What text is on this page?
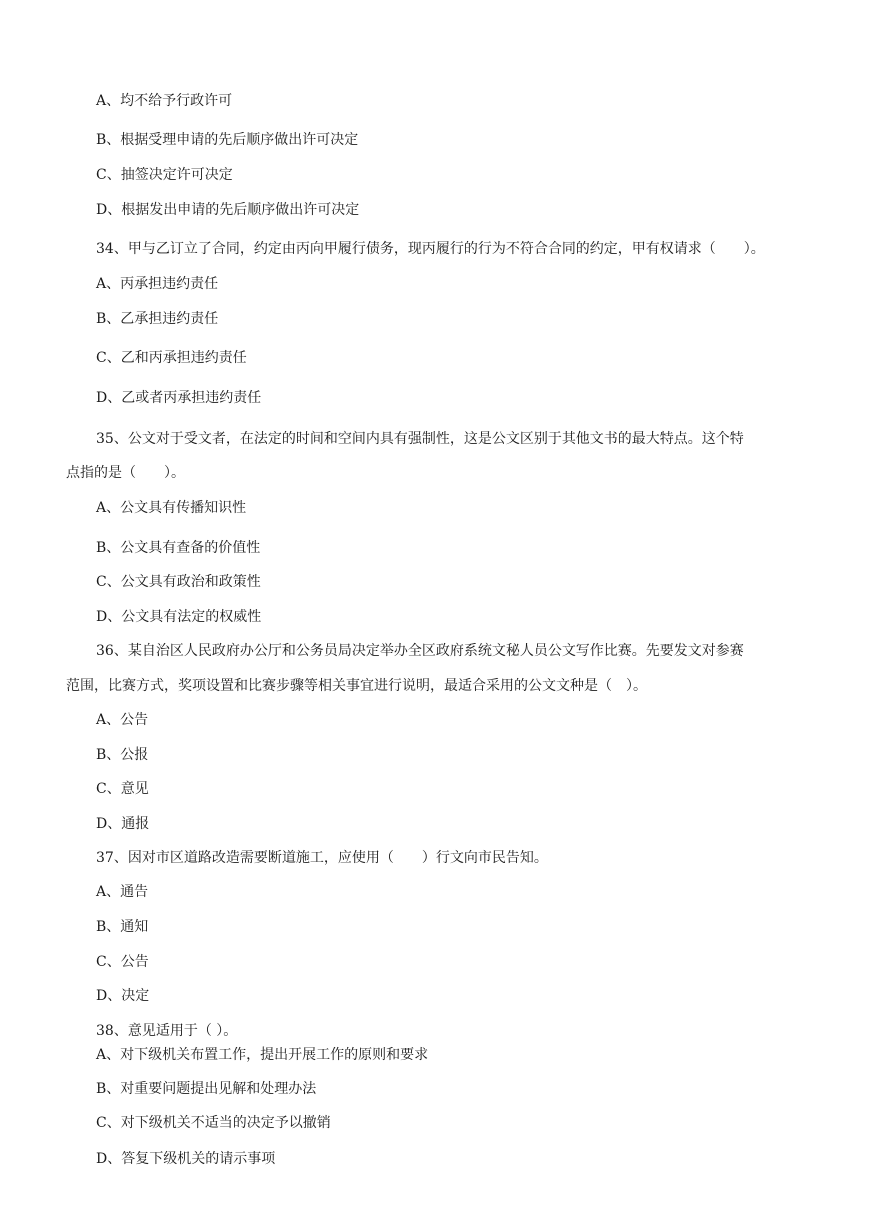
A、均不给予行政许可
B、根据受理申请的先后顺序做出许可决定
C、抽签决定许可决定
D、根据发出申请的先后顺序做出许可决定
34、甲与乙订立了合同，约定由丙向甲履行债务，现丙履行的行为不符合合同的约定，甲有权请求（　　）。
A、丙承担违约责任
B、乙承担违约责任
C、乙和丙承担违约责任
D、乙或者丙承担违约责任
35、公文对于受文者，在法定的时间和空间内具有强制性，这是公文区别于其他文书的最大特点。这个特
点指的是（　　）。
A、公文具有传播知识性
B、公文具有查备的价值性
C、公文具有政治和政策性
D、公文具有法定的权威性
36、某自治区人民政府办公厅和公务员局决定举办全区政府系统文秘人员公文写作比赛。先要发文对参赛
范围，比赛方式，奖项设置和比赛步骤等相关事宜进行说明，最适合采用的公文文种是（　）。
A、公告
B、公报
C、意见
D、通报
37、因对市区道路改造需要断道施工，应使用（　　）行文向市民告知。
A、通告
B、通知
C、公告
D、决定
38、意见适用于（ ）。
A、对下级机关布置工作，提出开展工作的原则和要求
B、对重要问题提出见解和处理办法
C、对下级机关不适当的决定予以撤销
D、答复下级机关的请示事项
